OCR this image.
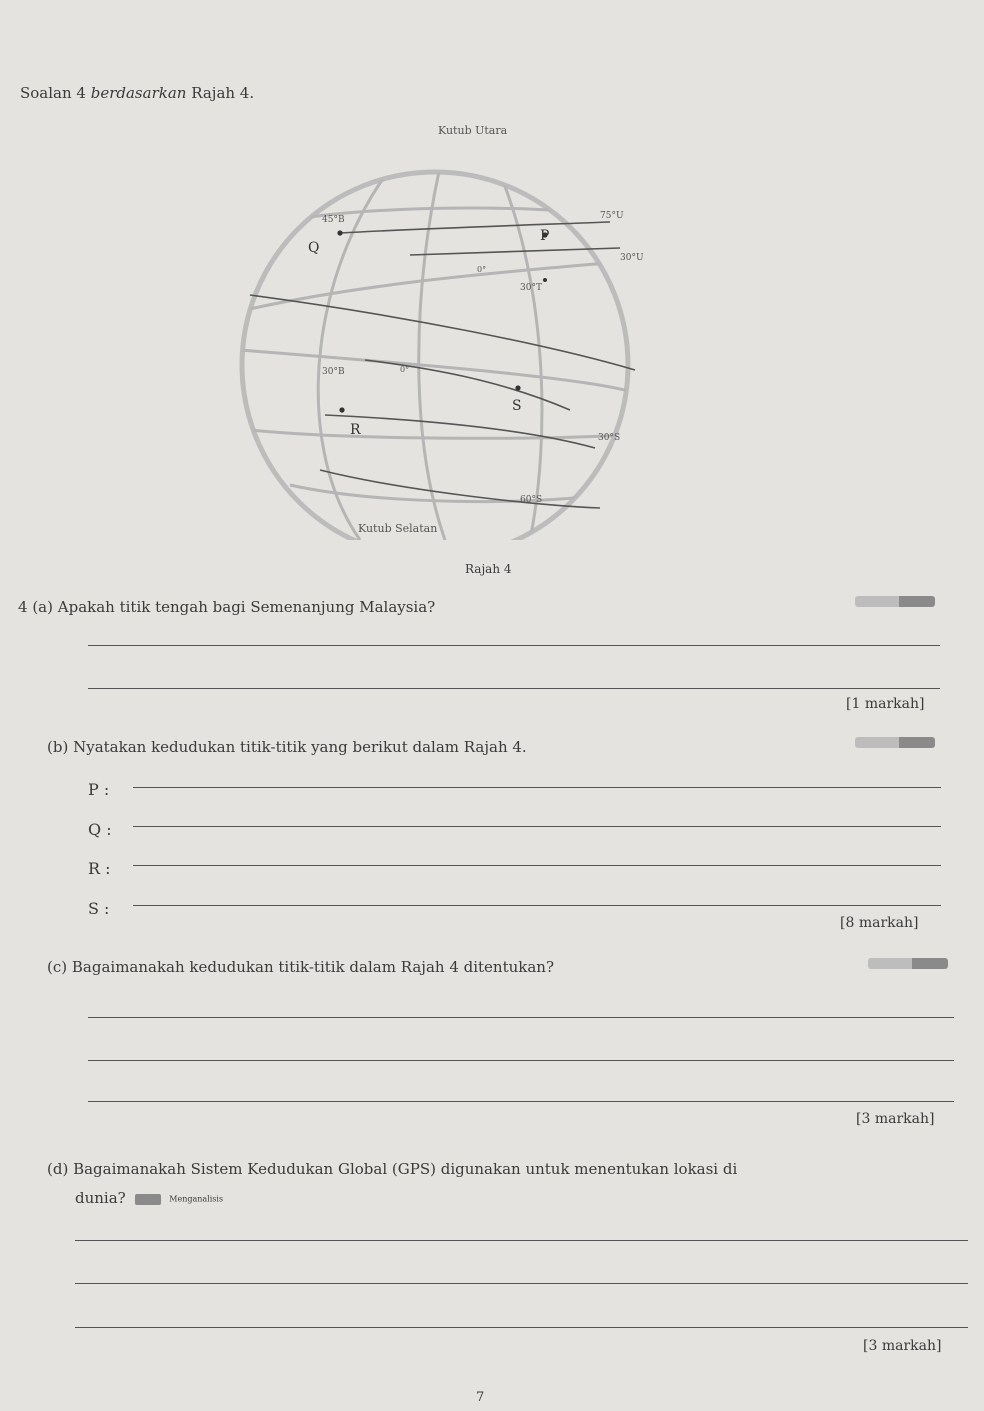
Soalan 4 berdasarkan Rajah 4.
Kutub Utara
Kutub Selatan
45°B	75°U
30°U
0°
30°T
30°B	0°
30°S
60°S
P
Q
R
S
Rajah 4
4 (a) Apakah titik tengah bagi Semenanjung Malaysia?
[1 markah]
(b) Nyatakan kedudukan titik-titik yang berikut dalam Rajah 4.
P :
Q :
R :
S :
[8 markah]
(c) Bagaimanakah kedudukan titik-titik dalam Rajah 4 ditentukan?
[3 markah]
(d) Bagaimanakah Sistem Kedudukan Global (GPS) digunakan untuk menentukan lokasi di
dunia?	Menganalisis
[3 markah]
7
